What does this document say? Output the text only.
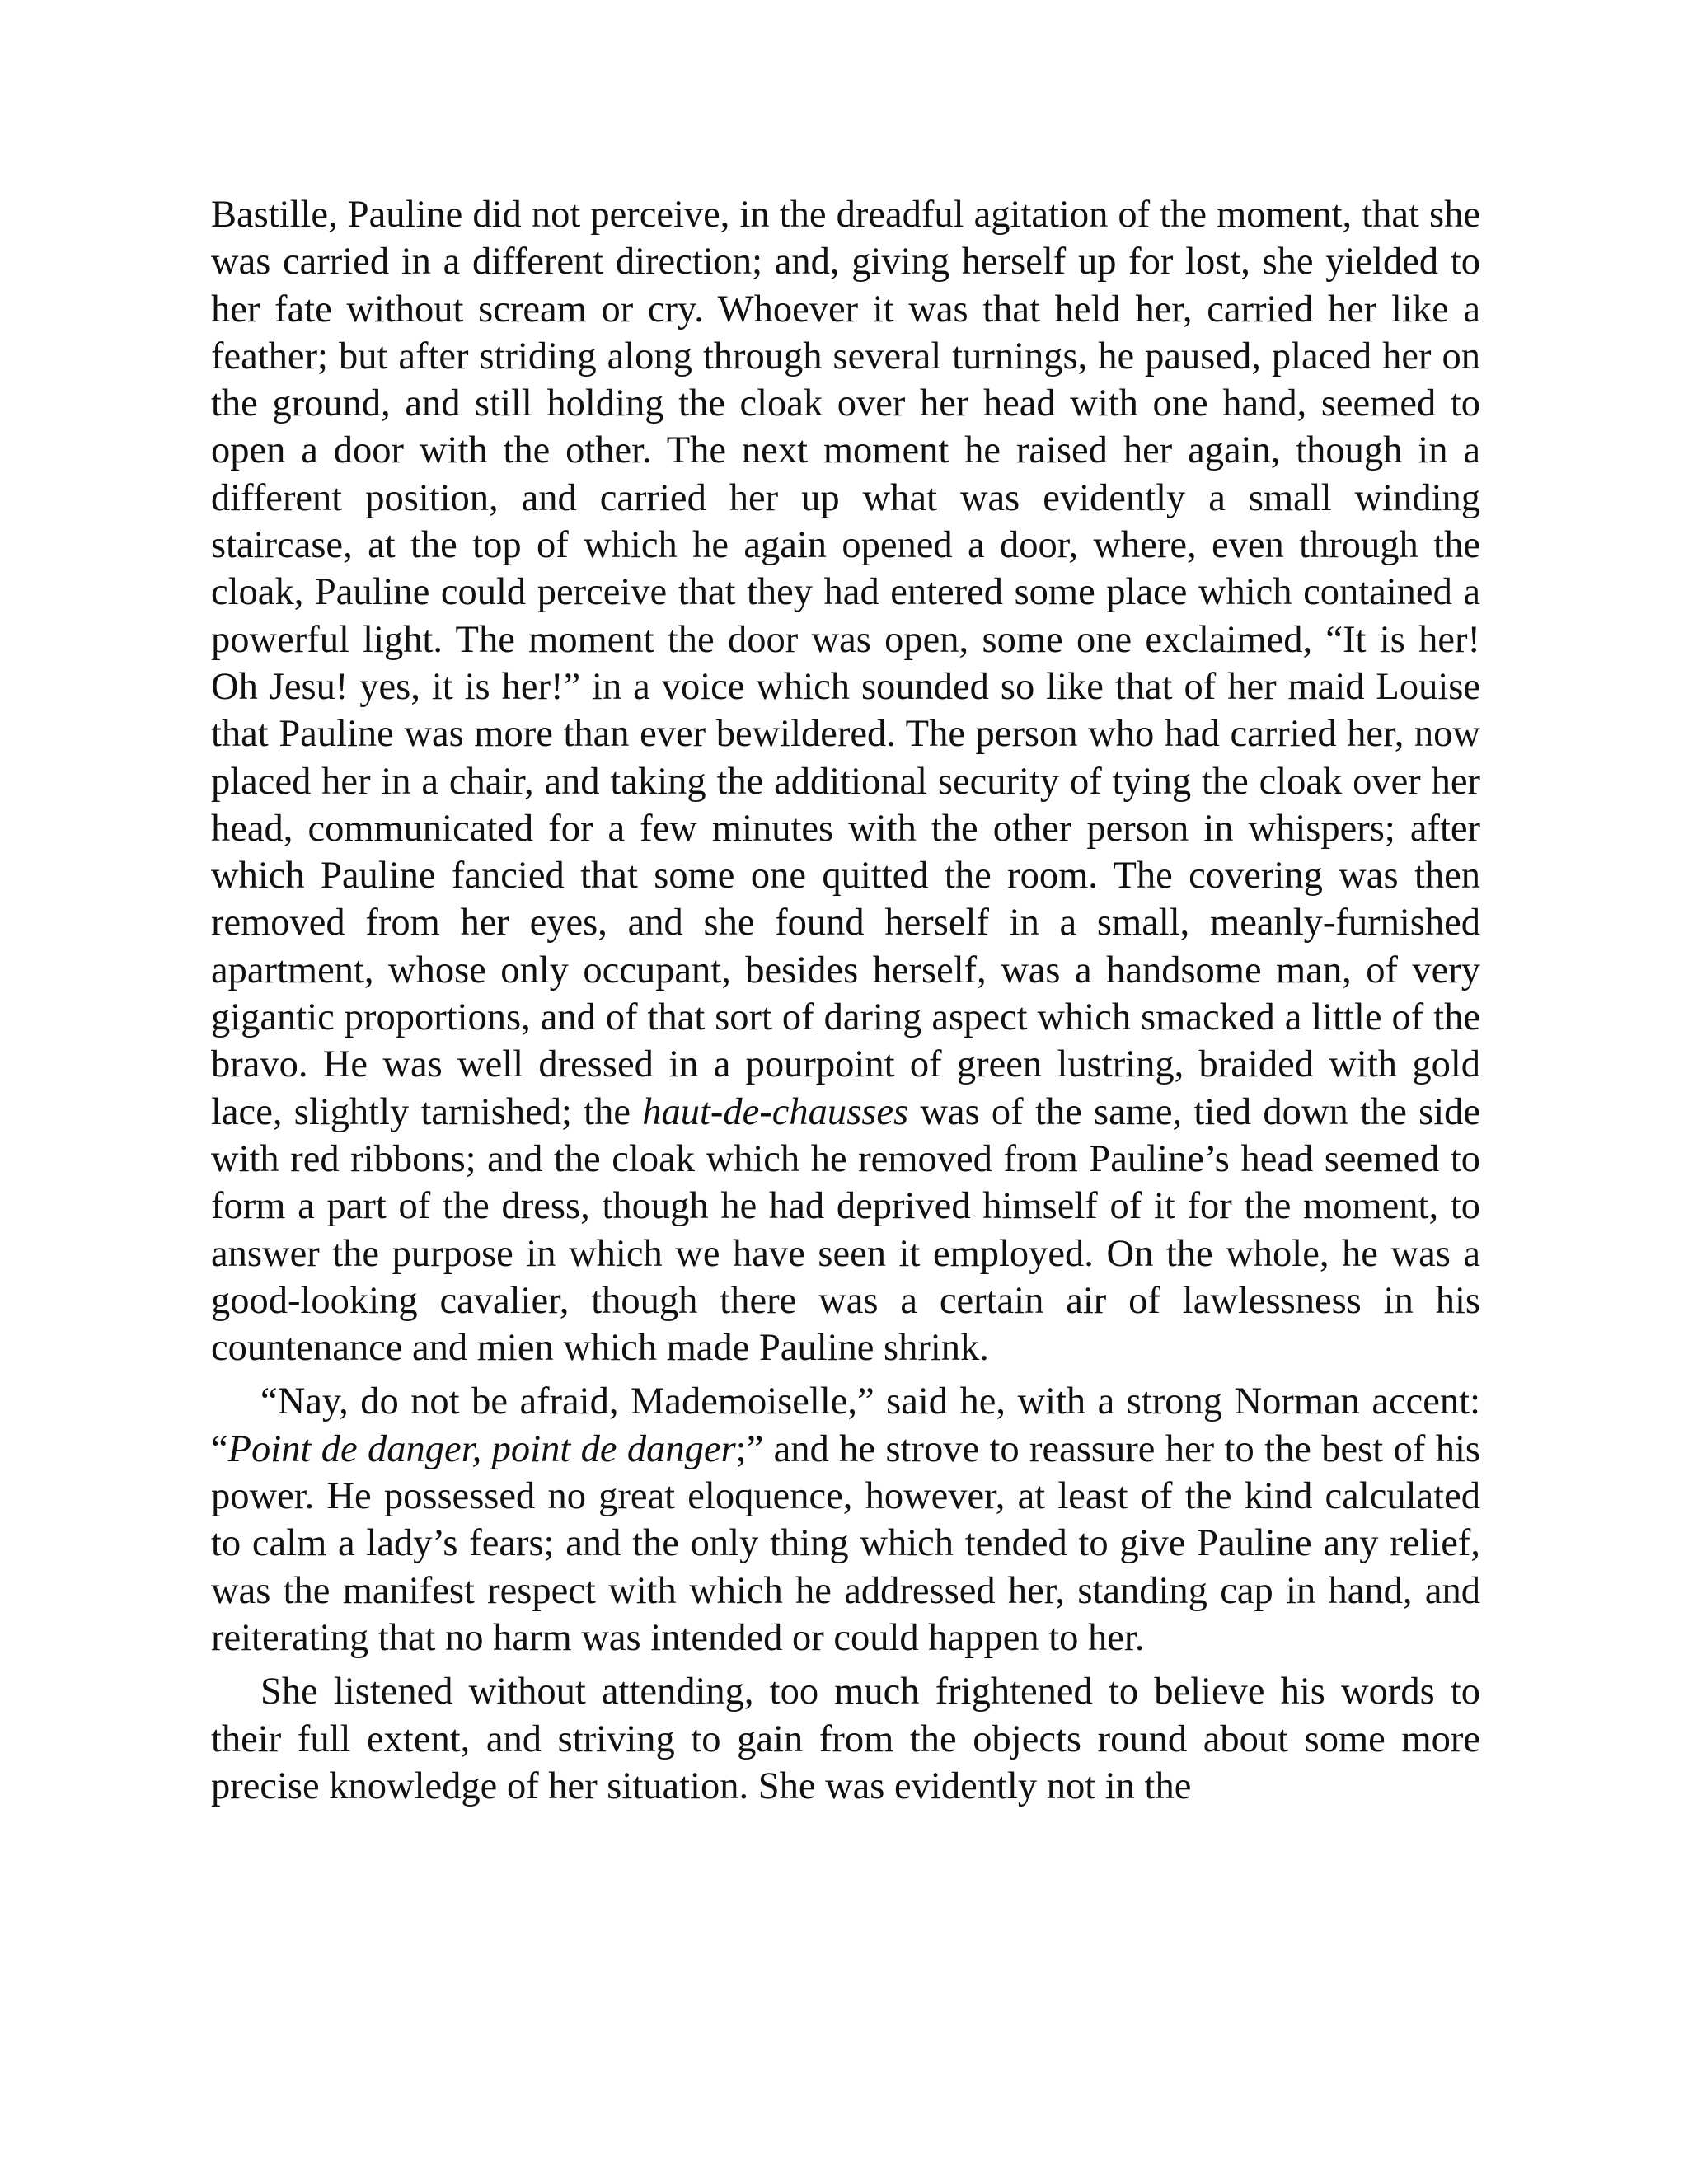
Bastille, Pauline did not perceive, in the dreadful agitation of the moment, that she was carried in a different direction; and, giving herself up for lost, she yielded to her fate without scream or cry. Whoever it was that held her, carried her like a feather; but after striding along through several turnings, he paused, placed her on the ground, and still holding the cloak over her head with one hand, seemed to open a door with the other. The next moment he raised her again, though in a different position, and carried her up what was evidently a small winding staircase, at the top of which he again opened a door, where, even through the cloak, Pauline could perceive that they had entered some place which contained a powerful light. The moment the door was open, some one exclaimed, “It is her! Oh Jesu! yes, it is her!” in a voice which sounded so like that of her maid Louise that Pauline was more than ever bewildered. The person who had carried her, now placed her in a chair, and taking the additional security of tying the cloak over her head, communicated for a few minutes with the other person in whispers; after which Pauline fancied that some one quitted the room. The covering was then removed from her eyes, and she found herself in a small, meanly-furnished apartment, whose only occupant, besides herself, was a handsome man, of very gigantic proportions, and of that sort of daring aspect which smacked a little of the bravo. He was well dressed in a pourpoint of green lustring, braided with gold lace, slightly tarnished; the haut-de-chausses was of the same, tied down the side with red ribbons; and the cloak which he removed from Pauline’s head seemed to form a part of the dress, though he had deprived himself of it for the moment, to answer the purpose in which we have seen it employed. On the whole, he was a good-looking cavalier, though there was a certain air of lawlessness in his countenance and mien which made Pauline shrink.

“Nay, do not be afraid, Mademoiselle,” said he, with a strong Norman accent: “Point de danger, point de danger;” and he strove to reassure her to the best of his power. He possessed no great eloquence, however, at least of the kind calculated to calm a lady’s fears; and the only thing which tended to give Pauline any relief, was the manifest respect with which he addressed her, standing cap in hand, and reiterating that no harm was intended or could happen to her.

She listened without attending, too much frightened to believe his words to their full extent, and striving to gain from the objects round about some more precise knowledge of her situation. She was evidently not in the
